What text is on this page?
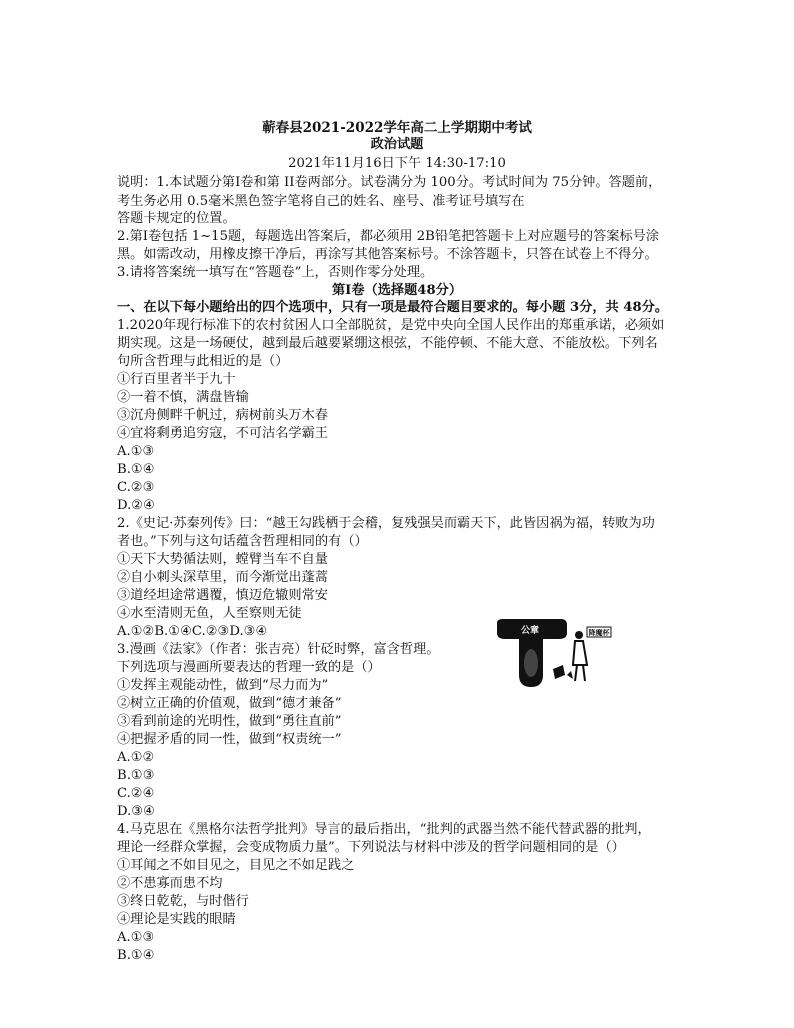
蕲春县2021-2022学年高二上学期期中考试
政治试题
2021年11月16日下午 14:30-17:10
说明：1.本试题分第Ⅰ卷和第 II卷两部分。试卷满分为 100分。考试时间为 75分钟。答题前，
考生务必用 0.5毫米黑色签字笔将自己的姓名、座号、准考证号填写在
答题卡规定的位置。
2.第Ⅰ卷包括 1~15题，每题选出答案后，都必须用 2B铅笔把答题卡上对应题号的答案标号涂
黑。如需改动，用橡皮擦干净后，再涂写其他答案标号。不涂答题卡，只答在试卷上不得分。
3.请将答案统一填写在“答题卷”上，否则作零分处理。
第Ⅰ卷（选择题48分）
一、在以下每小题给出的四个选项中，只有一项是最符合题目要求的。每小题 3分，共 48分。
1.2020年现行标准下的农村贫困人口全部脱贫，是党中央向全国人民作出的郑重承诺，必须如
期实现。这是一场硬仗，越到最后越要紧绷这根弦，不能停顿、不能大意、不能放松。下列名
句所含哲理与此相近的是（）
①行百里者半于九十
②一着不慎，满盘皆输
③沉舟侧畔千帆过，病树前头万木春
④宜将剩勇追穷寇，不可沽名学霸王
A.①③
B.①④
C.②③
D.②④
2.《史记·苏秦列传》曰：“越王勾践栖于会稽，复残强吴而霸天下，此皆因祸为福，转败为功
者也。”下列与这句话蕴含哲理相同的有（）
①天下大势循法则，螳臂当车不自量
②自小刺头深草里，而今渐觉出蓬蒿
③道经坦途常遇覆，慎迈危辙则常安
④水至清则无鱼，人至察则无徒
A.①②B.①④C.②③D.③④
3.漫画《法家》（作者：张吉亮）针砭时弊，富含哲理。
下列选项与漫画所要表达的哲理一致的是（）
①发挥主观能动性，做到“尽力而为”
②树立正确的价值观，做到“德才兼备”
③看到前途的光明性，做到“勇往直前”
④把握矛盾的同一性，做到“权责统一”
A.①②
B.①③
C.②④
D.③④
公章	降魔杯
4.马克思在《黑格尔法哲学批判》导言的最后指出，“批判的武器当然不能代替武器的批判，
理论一经群众掌握，会变成物质力量”。下列说法与材料中涉及的哲学问题相同的是（）
①耳闻之不如目见之，目见之不如足践之
②不患寡而患不均
③终日乾乾，与时偕行
④理论是实践的眼睛
A.①③
B.①④
